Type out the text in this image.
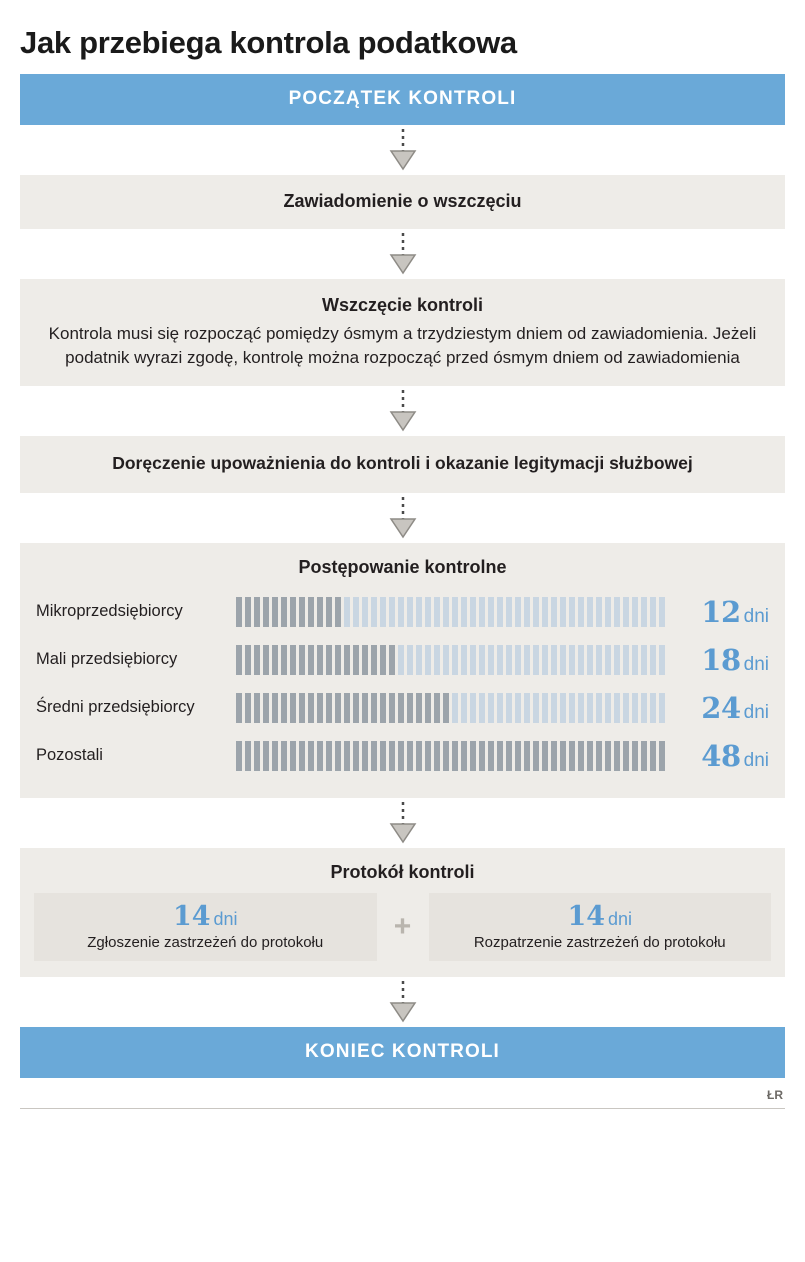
Jak przebiega kontrola podatkowa
POCZĄTEK KONTROLI
Zawiadomienie o wszczęciu
Wszczęcie kontroli
Kontrola musi się rozpocząć pomiędzy ósmym a trzydziestym dniem od zawiadomienia. Jeżeli podatnik wyrazi zgodę, kontrolę można rozpocząć przed ósmym dniem od zawiadomienia
Doręczenie upoważnienia do kontroli i okazanie legitymacji służbowej
Postępowanie kontrolne
Mikroprzedsiębiorcy	12 dni
Mali przedsiębiorcy	18 dni
Średni przedsiębiorcy	24 dni
Pozostali	48 dni
Protokół kontroli
14 dni
Zgłoszenie zastrzeżeń do protokołu	+	14 dni
Rozpatrzenie zastrzeżeń do protokołu
KONIEC KONTROLI
ŁR
